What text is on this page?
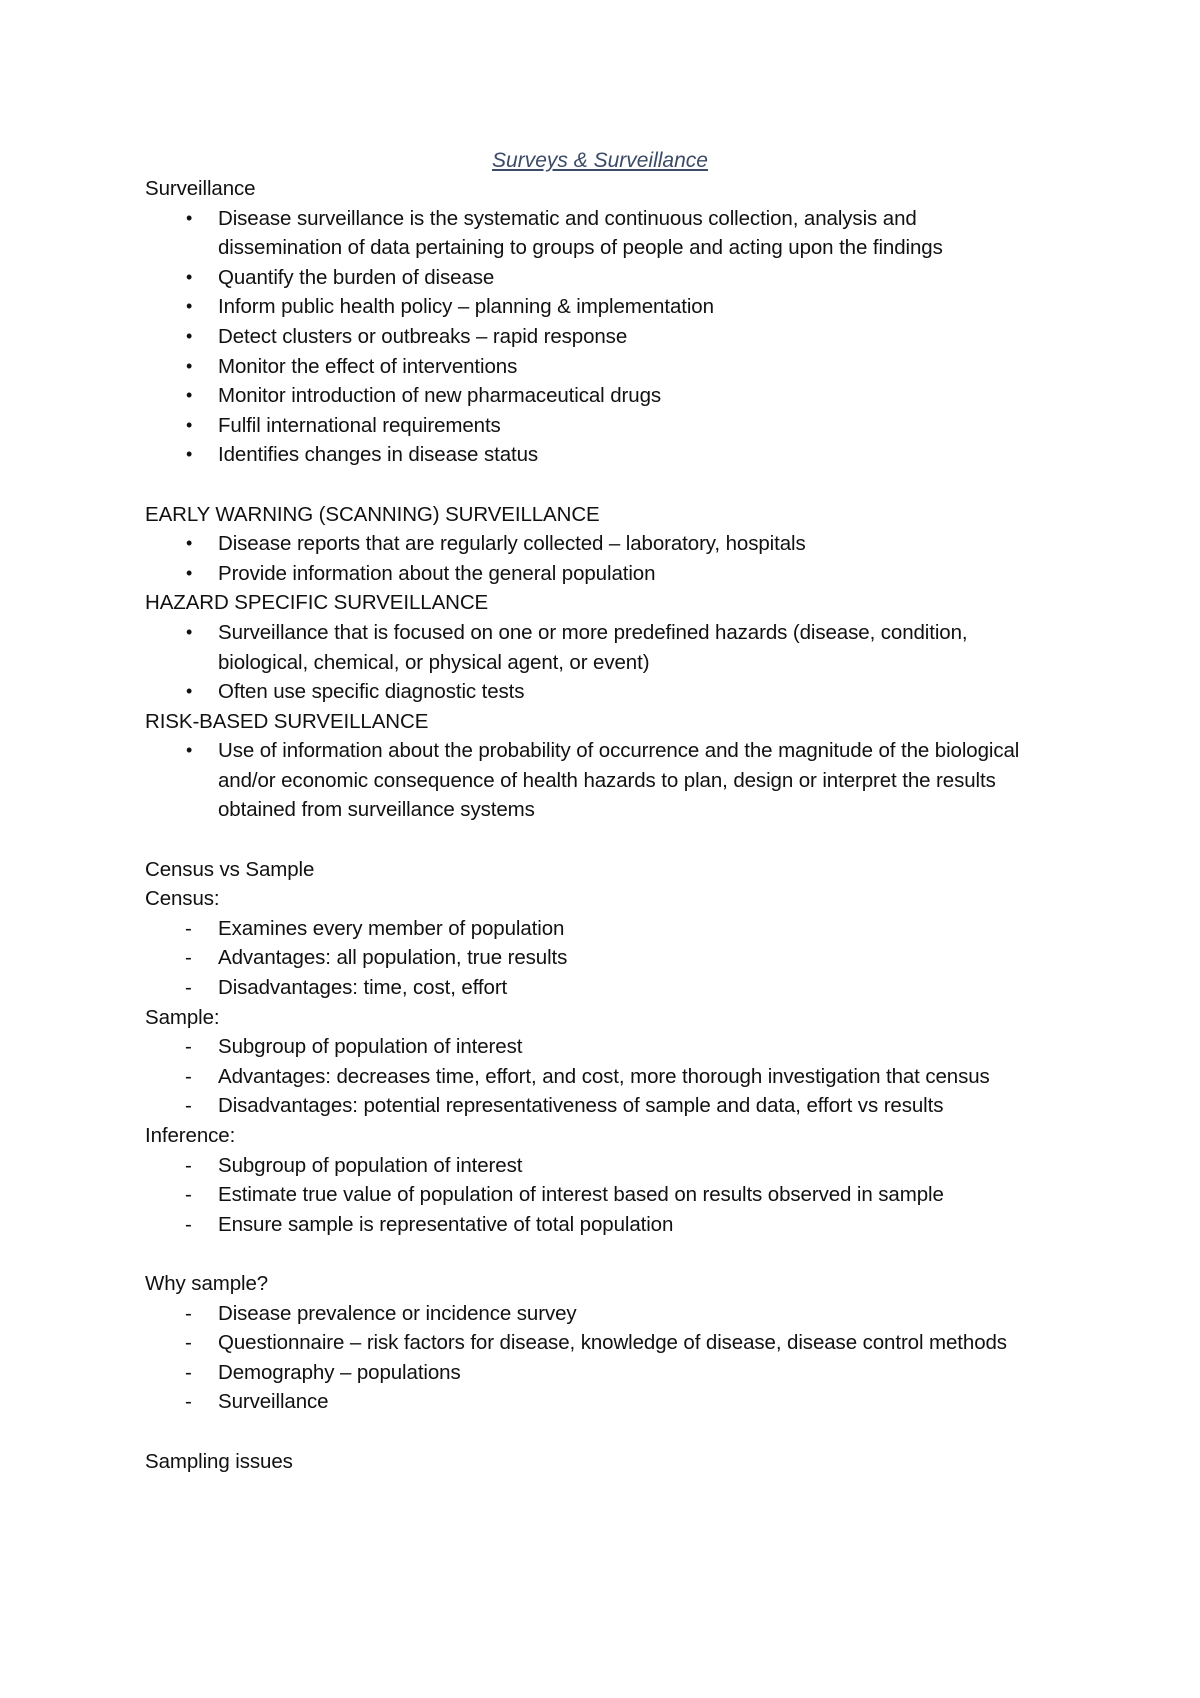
Surveys & Surveillance
Surveillance
• Disease surveillance is the systematic and continuous collection, analysis and dissemination of data pertaining to groups of people and acting upon the findings
• Quantify the burden of disease
• Inform public health policy – planning & implementation
• Detect clusters or outbreaks – rapid response
• Monitor the effect of interventions
• Monitor introduction of new pharmaceutical drugs
• Fulfil international requirements
• Identifies changes in disease status
EARLY WARNING (SCANNING) SURVEILLANCE
• Disease reports that are regularly collected – laboratory, hospitals
• Provide information about the general population
HAZARD SPECIFIC SURVEILLANCE
• Surveillance that is focused on one or more predefined hazards (disease, condition, biological, chemical, or physical agent, or event)
• Often use specific diagnostic tests
RISK-BASED SURVEILLANCE
• Use of information about the probability of occurrence and the magnitude of the biological and/or economic consequence of health hazards to plan, design or interpret the results obtained from surveillance systems
Census vs Sample
Census:
- Examines every member of population
- Advantages: all population, true results
- Disadvantages: time, cost, effort
Sample:
- Subgroup of population of interest
- Advantages: decreases time, effort, and cost, more thorough investigation that census
- Disadvantages: potential representativeness of sample and data, effort vs results
Inference:
- Subgroup of population of interest
- Estimate true value of population of interest based on results observed in sample
- Ensure sample is representative of total population
Why sample?
- Disease prevalence or incidence survey
- Questionnaire – risk factors for disease, knowledge of disease, disease control methods
- Demography – populations
- Surveillance
Sampling issues
